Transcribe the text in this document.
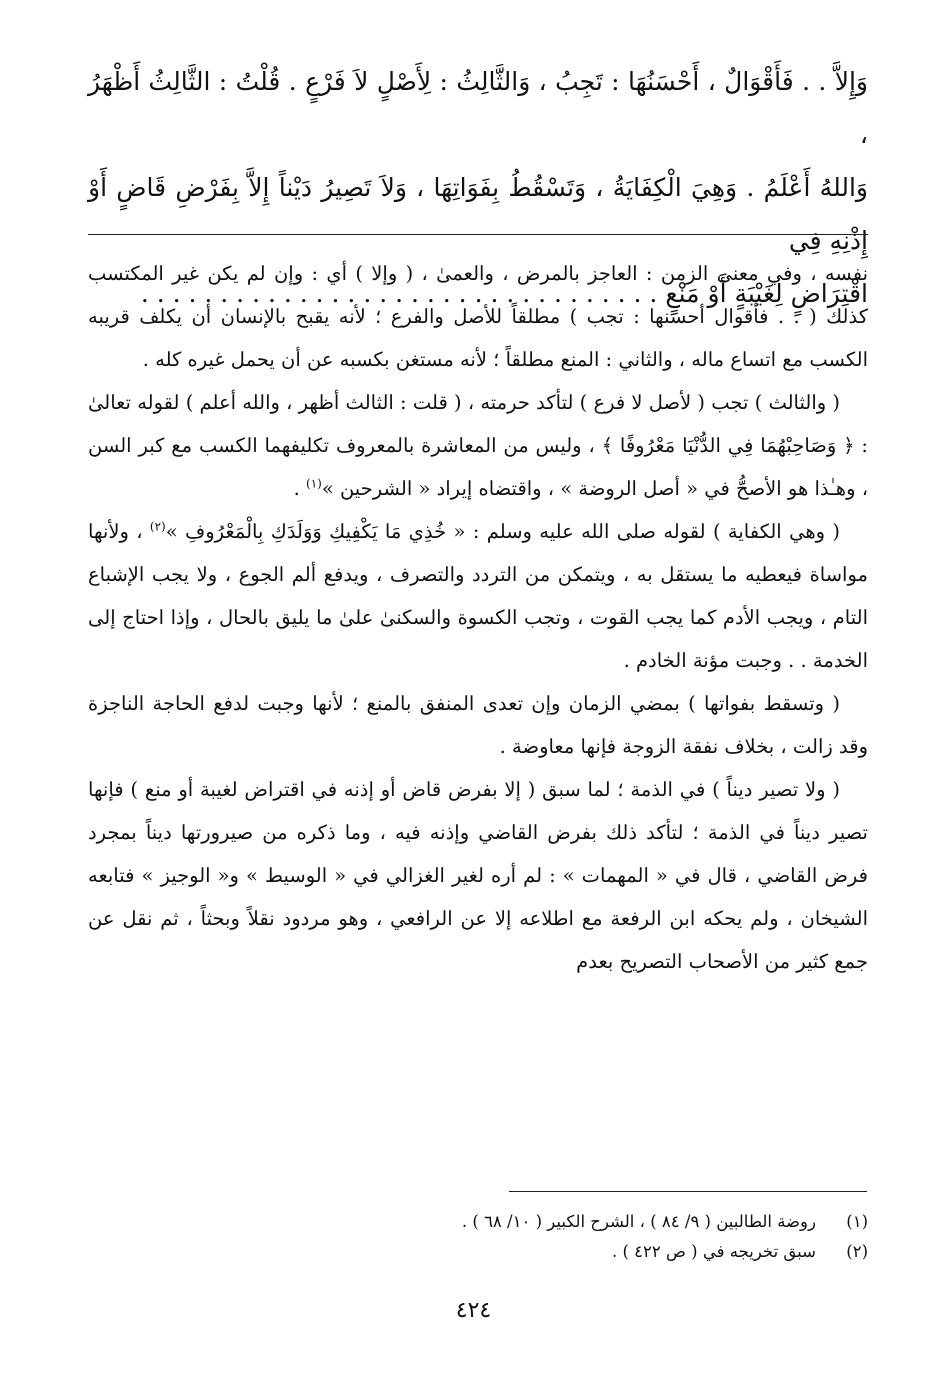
وَإِلاَّ . . فَأَقْوَالٌ ، أَحْسَنُهَا : تَجِبُ ، وَالثَّالِثُ : لِأَصْلٍ لاَ فَرْعٍ . قُلْتُ : الثَّالِثُ أَظْهَرُ ،

وَاللهُ أَعْلَمُ . وَهِيَ الْكِفَايَةُ ، وَتَسْقُطُ بِفَوَاتِهَا ، وَلاَ تَصِيرُ دَيْناً إِلاَّ بِفَرْضِ قَاضٍ أَوْ إِذْنِهِ فِي

اقْتِرَاضٍ لِغَيْبَةٍ أَوْ مَنْعٍ . . . . . . . . . . . . . . . . . . . . . . . . . . . . . . . . .

نفسه ، وفي معنى الزمن : العاجز بالمرض ، والعمىٰ ، ( وإلا ) أي : وإن لم يكن غير المكتسب كذلك ( . . فأقوال أحسنها : تجب ) مطلقاً للأصل والفرع ؛ لأنه يقبح بالإنسان أن يكلف قريبه الكسب مع اتساع ماله ، والثاني : المنع مطلقاً ؛ لأنه مستغن بكسبه عن أن يحمل غيره كله .

( والثالث ) تجب ( لأصل لا فرع ) لتأكد حرمته ، ( قلت : الثالث أظهر ، والله أعلم ) لقوله تعالىٰ : ﴿ وَصَاحِبْهُمَا فِي الدُّنْيَا مَعْرُوفًا ﴾ ، وليس من المعاشرة بالمعروف تكليفهما الكسب مع كبر السن ، وهـٰذا هو الأصحُّ في « أصل الروضة » ، واقتضاه إيراد « الشرحين »$^{(١)}$ .

( وهي الكفاية ) لقوله صلى الله عليه وسلم : « خُذِي مَا يَكْفِيكِ وَوَلَدَكِ بِالْمَعْرُوفِ »$^{(٢)}$ ، ولأنها مواساة فيعطيه ما يستقل به ، ويتمكن من التردد والتصرف ، ويدفع ألم الجوع ، ولا يجب الإشباع التام ، ويجب الأدم كما يجب القوت ، وتجب الكسوة والسكنىٰ علىٰ ما يليق بالحال ، وإذا احتاج إلى الخدمة . . وجبت مؤنة الخادم .

( وتسقط بفواتها ) بمضي الزمان وإن تعدى المنفق بالمنع ؛ لأنها وجبت لدفع الحاجة الناجزة وقد زالت ، بخلاف نفقة الزوجة فإنها معاوضة .

( ولا تصير ديناً ) في الذمة ؛ لما سبق ( إلا بفرض قاض أو إذنه في اقتراض لغيبة أو منع ) فإنها تصير ديناً في الذمة ؛ لتأكد ذلك بفرض القاضي وإذنه فيه ، وما ذكره من صيرورتها ديناً بمجرد فرض القاضي ، قال في « المهمات » : لم أره لغير الغزالي في « الوسيط » و« الوجيز » فتابعه الشيخان ، ولم يحكه ابن الرفعة مع اطلاعه إلا عن الرافعي ، وهو مردود نقلاً وبحثاً ، ثم نقل عن جمع كثير من الأصحاب التصريح بعدم

(١)روضة الطالبين ( ٩/ ٨٤ ) ، الشرح الكبير ( ١٠/ ٦٨ ) .
(٢)سبق تخريجه في ( ص ٤٢٢ ) .
٤٢٤
